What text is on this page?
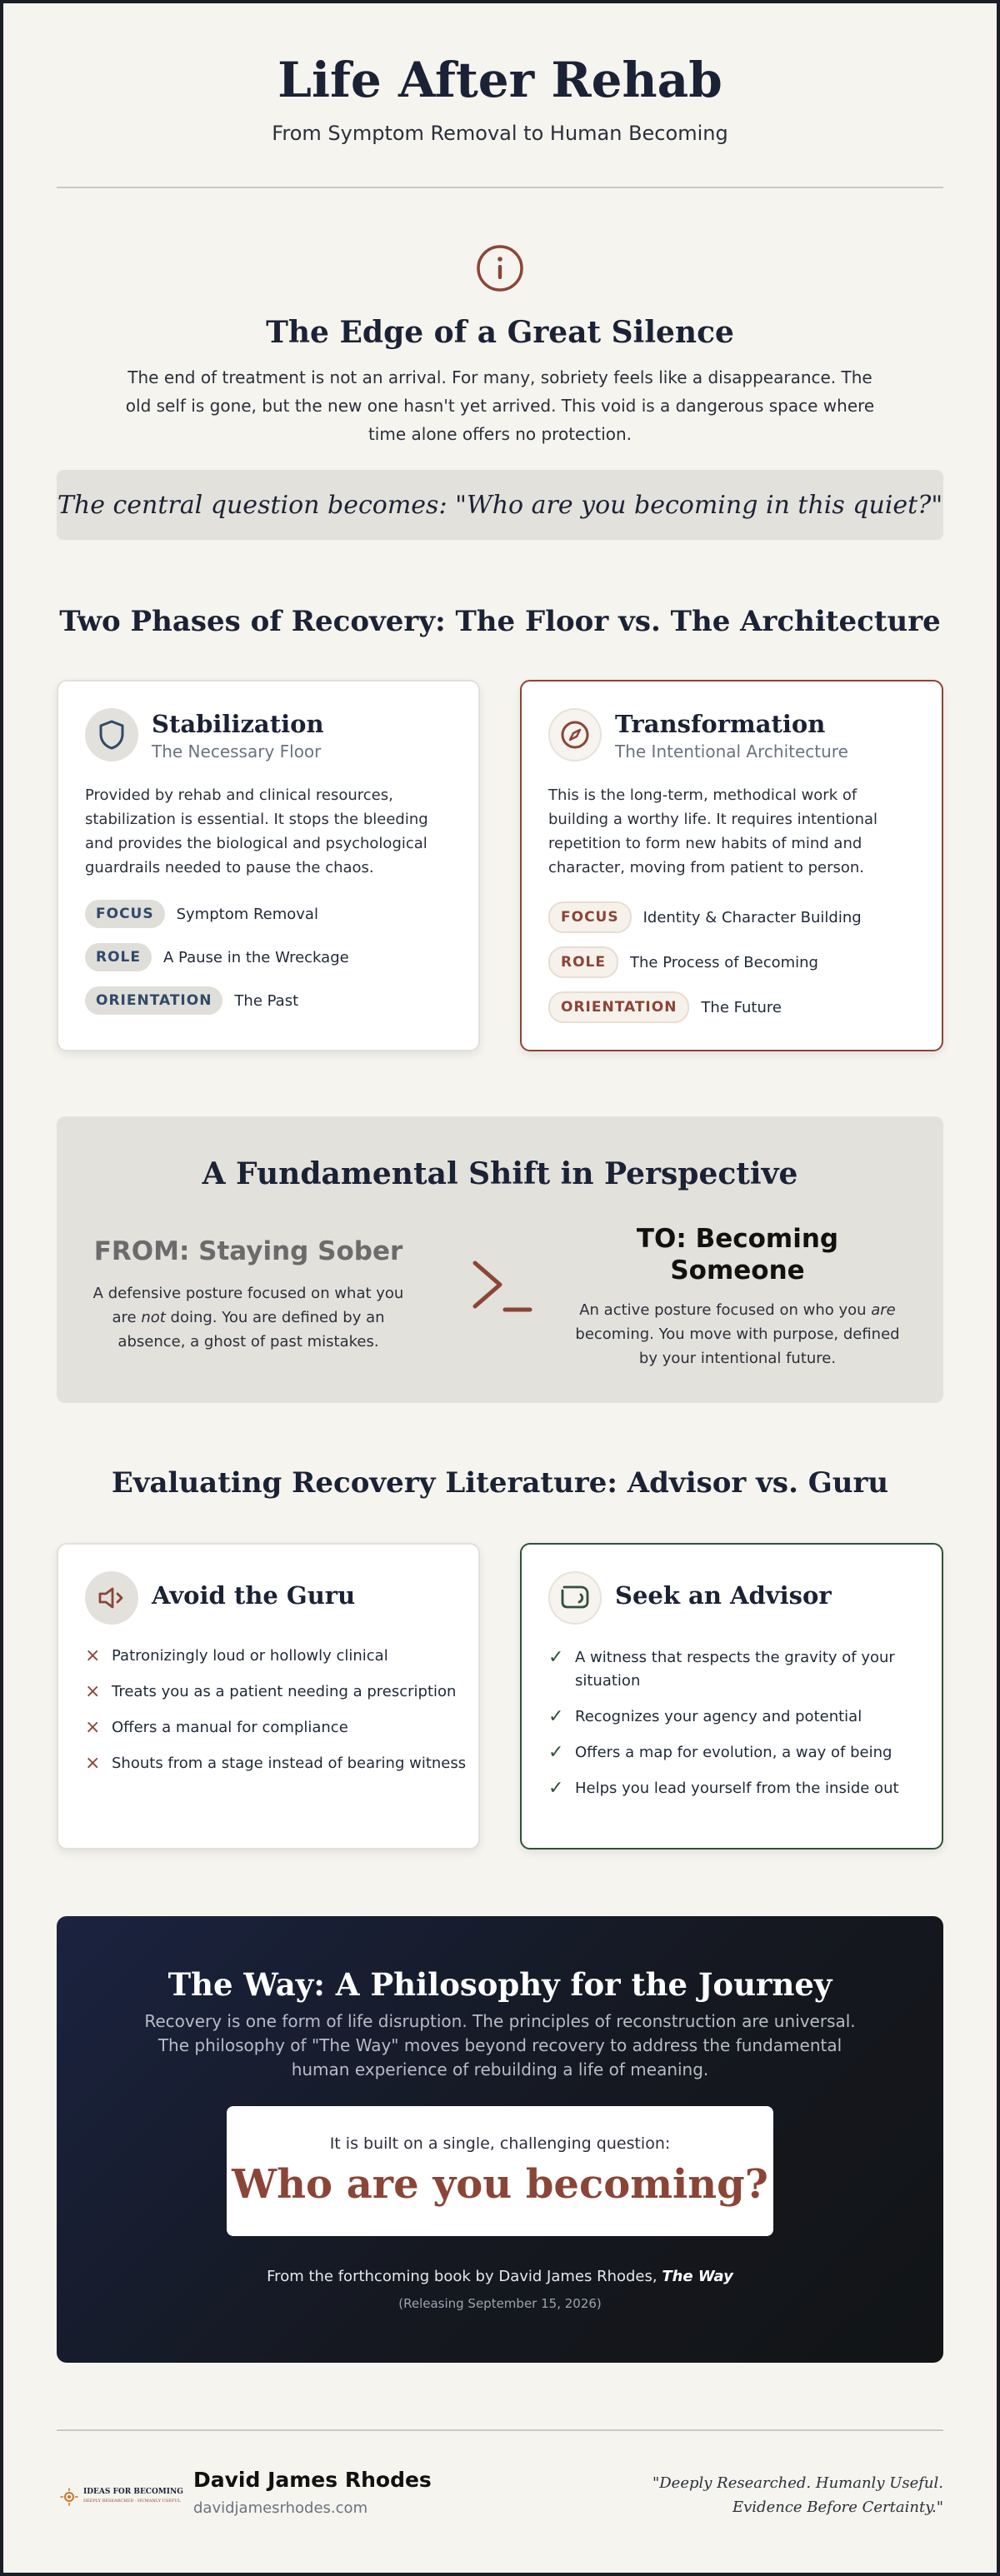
Life After Rehab
From Symptom Removal to Human Becoming
The Edge of a Great Silence
The end of treatment is not an arrival. For many, sobriety feels like a disappearance. The old self is gone, but the new one hasn't yet arrived. This void is a dangerous space where time alone offers no protection.
The central question becomes: "Who are you becoming in this quiet?"
Two Phases of Recovery: The Floor vs. The Architecture
Stabilization
The Necessary Floor
Provided by rehab and clinical resources, stabilization is essential. It stops the bleeding and provides the biological and psychological guardrails needed to pause the chaos.
FOCUS	Symptom Removal
ROLE	A Pause in the Wreckage
ORIENTATION	The Past
Transformation
The Intentional Architecture
This is the long-term, methodical work of building a worthy life. It requires intentional repetition to form new habits of mind and character, moving from patient to person.
FOCUS	Identity & Character Building
ROLE	The Process of Becoming
ORIENTATION	The Future
A Fundamental Shift in Perspective
FROM: Staying Sober
A defensive posture focused on what you are not doing. You are defined by an absence, a ghost of past mistakes.
TO: Becoming Someone
An active posture focused on who you are becoming. You move with purpose, defined by your intentional future.
Evaluating Recovery Literature: Advisor vs. Guru
Avoid the Guru
× Patronizingly loud or hollowly clinical
× Treats you as a patient needing a prescription
× Offers a manual for compliance
× Shouts from a stage instead of bearing witness
Seek an Advisor
✓ A witness that respects the gravity of your situation
✓ Recognizes your agency and potential
✓ Offers a map for evolution, a way of being
✓ Helps you lead yourself from the inside out
The Way: A Philosophy for the Journey
Recovery is one form of life disruption. The principles of reconstruction are universal. The philosophy of "The Way" moves beyond recovery to address the fundamental human experience of rebuilding a life of meaning.
It is built on a single, challenging question:
Who are you becoming?
From the forthcoming book by David James Rhodes, The Way
(Releasing September 15, 2026)
IDEAS FOR BECOMING
DEEPLY RESEARCHED · HUMANLY USEFUL
David James Rhodes
davidjamesrhodes.com
"Deeply Researched. Humanly Useful.
Evidence Before Certainty."
